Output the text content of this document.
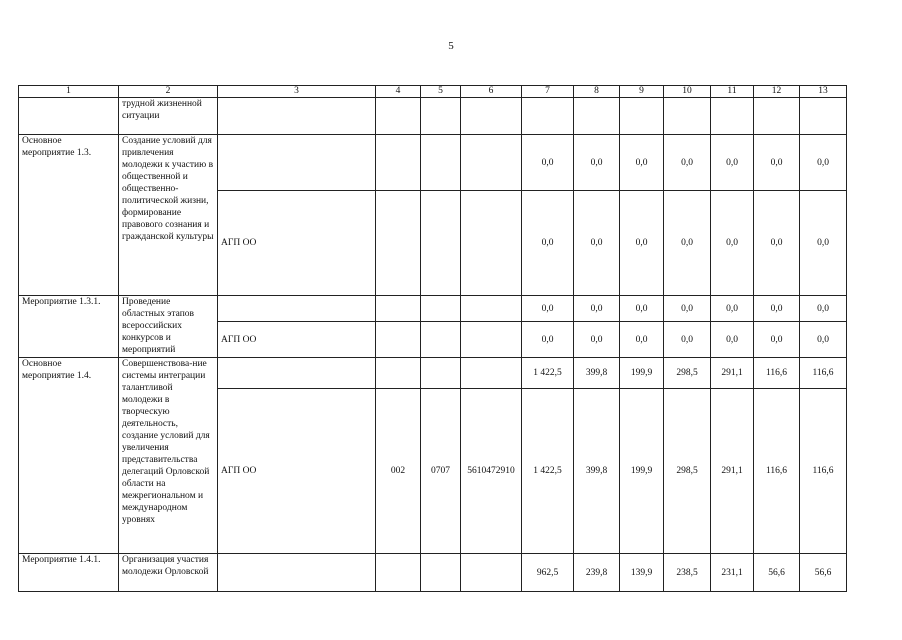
5
1	2	3	4	5	6	7	8	9	10	11	12	13
	трудной жизненной ситуации											
Основное мероприятие 1.3.	Создание условий для привлечения молодежи к участию в общественной и общественно-политической жизни, формирование правового сознания и гражданской культуры					0,0	0,0	0,0	0,0	0,0	0,0	0,0
		АГП ОО				0,0	0,0	0,0	0,0	0,0	0,0	0,0
Мероприятие 1.3.1.	Проведение областных этапов всероссийских конкурсов и мероприятий					0,0	0,0	0,0	0,0	0,0	0,0	0,0
		АГП ОО				0,0	0,0	0,0	0,0	0,0	0,0	0,0
Основное мероприятие 1.4.	Совершенствова-ние системы интеграции талантливой молодежи в творческую деятельность, создание условий для увеличения представительства делегаций Орловской области на межрегиональном и международном уровнях					1 422,5	399,8	199,9	298,5	291,1	116,6	116,6
		АГП ОО	002	0707	5610472910	1 422,5	399,8	199,9	298,5	291,1	116,6	116,6
Мероприятие 1.4.1.	Организация участия молодежи Орловской					962,5	239,8	139,9	238,5	231,1	56,6	56,6
